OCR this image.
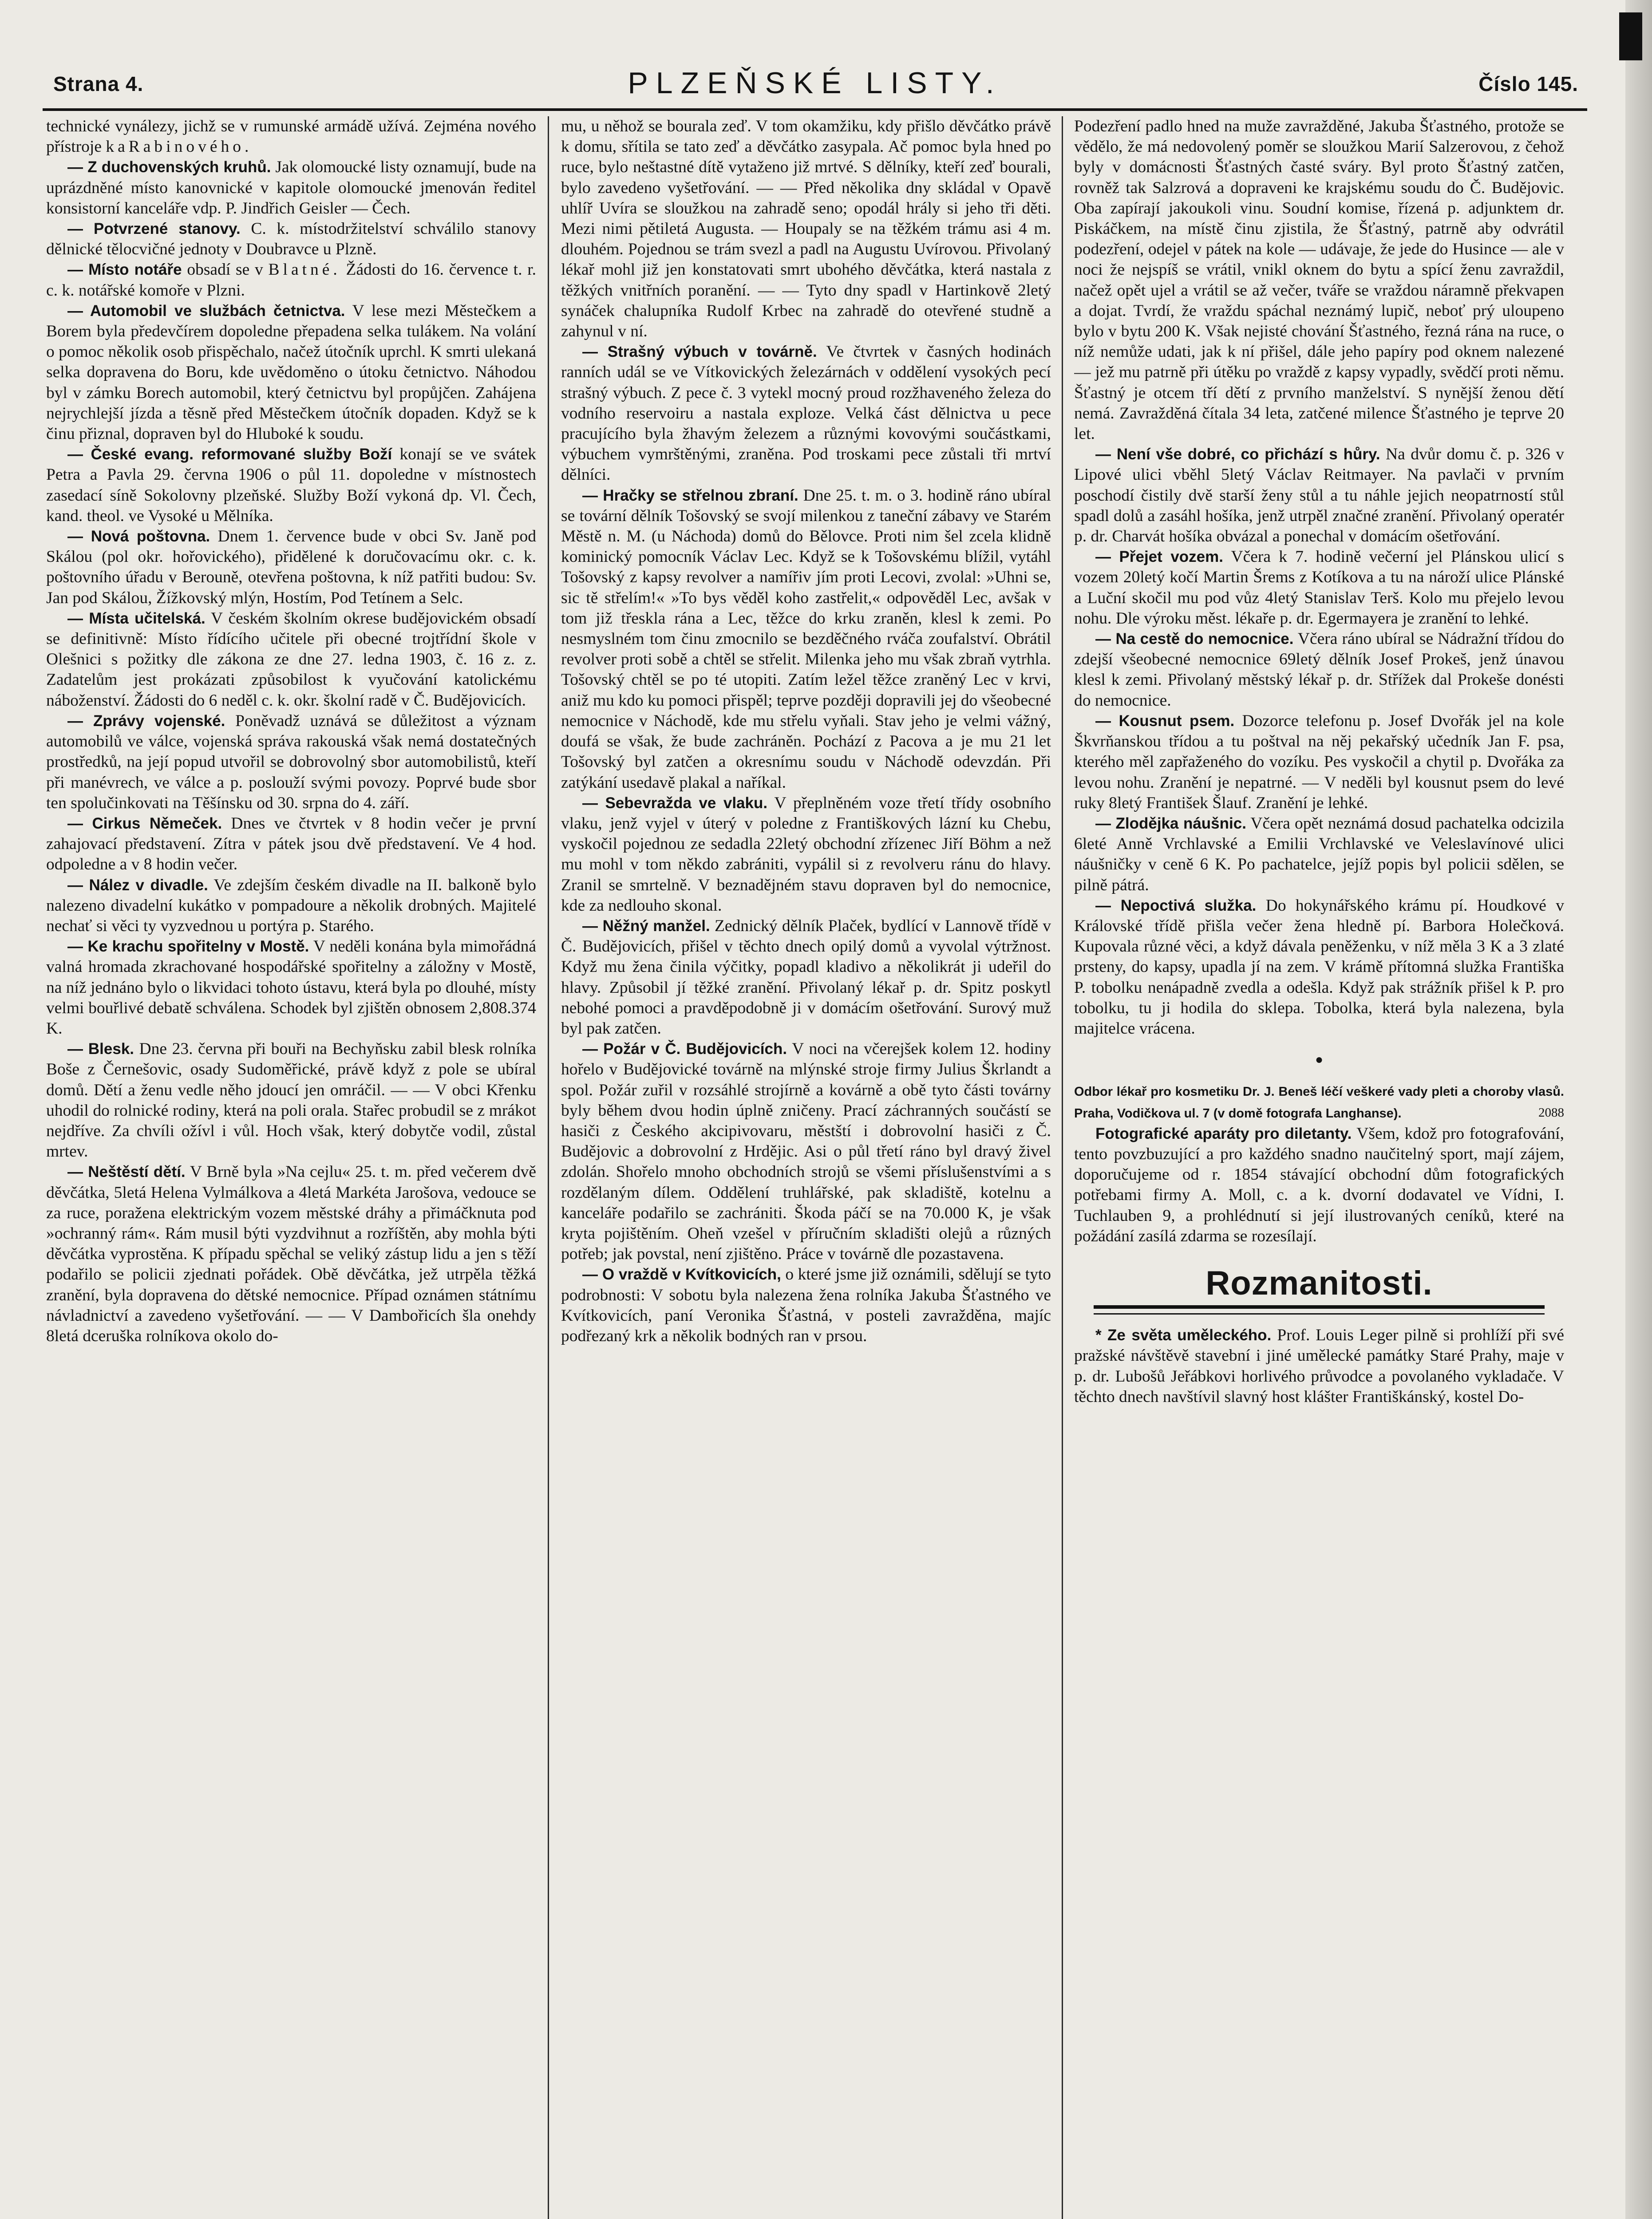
Strana 4.	PLZEŇSKÉ LISTY.	Číslo 145.

technické vynálezy, jichž se v rumunské armádě užívá. Zejména nového přístroje kaRabinového.

— Z duchovenských kruhů. Jak olomoucké listy oznamují, bude na uprázdněné místo kanovnické v kapitole olomoucké jmenován ředitel konsistorní kanceláře vdp. P. Jindřich Geisler — Čech.

— Potvrzené stanovy. C. k. místodržitelství schválilo stanovy dělnické tělocvičné jednoty v Doubravce u Plzně.

— Místo notáře obsadí se v Blatné. Žádosti do 16. července t. r. c. k. notářské komoře v Plzni.

— Automobil ve službách četnictva. V lese mezi Městečkem a Borem byla předevčírem dopoledne přepadena selka tulákem. Na volání o pomoc několik osob přispěchalo, načež útočník uprchl. K smrti ulekaná selka dopravena do Boru, kde uvědoměno o útoku četnictvo. Náhodou byl v zámku Borech automobil, který četnictvu byl propůjčen. Zahájena nejrychlejší jízda a těsně před Městečkem útočník dopaden. Když se k činu přiznal, dopraven byl do Hluboké k soudu.

— České evang. reformované služby Boží konají se ve svátek Petra a Pavla 29. června 1906 o půl 11. dopoledne v místnostech zasedací síně Sokolovny plzeňské. Služby Boží vykoná dp. Vl. Čech, kand. theol. ve Vysoké u Mělníka.

— Nová poštovna. Dnem 1. července bude v obci Sv. Janě pod Skálou (pol okr. hořovického), přidělené k doručovacímu okr. c. k. poštovního úřadu v Berouně, otevřena poštovna, k níž patřiti budou: Sv. Jan pod Skálou, Žížkovský mlýn, Hostím, Pod Tetínem a Selc.

— Místa učitelská. V českém školním okrese budějovickém obsadí se definitivně: Místo řídícího učitele při obecné trojtřídní škole v Olešnici s požitky dle zákona ze dne 27. ledna 1903, č. 16 z. z. Zadatelům jest prokázati způsobilost k vyučování katolickému náboženství. Žádosti do 6 neděl c. k. okr. školní radě v Č. Budějovicích.

— Zprávy vojenské. Poněvadž uznává se důležitost a význam automobilů ve válce, vojenská správa rakouská však nemá dostatečných prostředků, na její popud utvořil se dobrovolný sbor automobilistů, kteří při manévrech, ve válce a p. poslouží svými povozy. Poprvé bude sbor ten spolučinkovati na Těšínsku od 30. srpna do 4. září.

— Cirkus Němeček. Dnes ve čtvrtek v 8 hodin večer je první zahajovací představení. Zítra v pátek jsou dvě představení. Ve 4 hod. odpoledne a v 8 hodin večer.

— Nález v divadle. Ve zdejším českém divadle na II. balkoně bylo nalezeno divadelní kukátko v pompadoure a několik drobných. Majitelé nechať si věci ty vyzvednou u portýra p. Starého.

— Ke krachu spořitelny v Mostě. V neděli konána byla mimořádná valná hromada zkrachované hospodářské spořitelny a záložny v Mostě, na níž jednáno bylo o likvidaci tohoto ústavu, která byla po dlouhé, místy velmi bouřlivé debatě schválena. Schodek byl zjištěn obnosem 2,808.374 K.

— Blesk. Dne 23. června při bouři na Bechyňsku zabil blesk rolníka Boše z Černešovic, osady Sudoměřické, právě když z pole se ubíral domů. Dětí a ženu vedle něho jdoucí jen omráčil. — — V obci Křenku uhodil do rolnické rodiny, která na poli orala. Stařec probudil se z mrákot nejdříve. Za chvíli ožívl i vůl. Hoch však, který dobytče vodil, zůstal mrtev.

— Neštěstí dětí. V Brně byla »Na cejlu« 25. t. m. před večerem dvě děvčátka, 5letá Helena Vylmálkova a 4letá Markéta Jarošova, vedouce se za ruce, poražena elektrickým vozem městské dráhy a přimáčknuta pod »ochranný rám«. Rám musil býti vyzdvihnut a rozříštěn, aby mohla býti děvčátka vyprostěna. K případu spěchal se veliký zástup lidu a jen s těží podařilo se policii zjednati pořádek. Obě děvčátka, jež utrpěla těžká zranění, byla dopravena do dětské nemocnice. Případ oznámen státnímu návladnictví a zavedeno vyšetřování. — — V Dambořicích šla onehdy 8letá dceruška rolníkova okolo do-

mu, u něhož se bourala zeď. V tom okamžiku, kdy přišlo děvčátko právě k domu, sřítila se tato zeď a děvčátko zasypala. Ač pomoc byla hned po ruce, bylo neštastné dítě vytaženo již mrtvé. S dělníky, kteří zeď bourali, bylo zavedeno vyšetřování. — — Před několika dny skládal v Opavě uhlíř Uvíra se sloužkou na zahradě seno; opodál hrály si jeho tři děti. Mezi nimi pětiletá Augusta. — Houpaly se na těžkém trámu asi 4 m. dlouhém. Pojednou se trám svezl a padl na Augustu Uvírovou. Přivolaný lékař mohl již jen konstatovati smrt ubohého děvčátka, která nastala z těžkých vnitřních poranění. — — Tyto dny spadl v Hartinkově 2letý synáček chalupníka Rudolf Krbec na zahradě do otevřené studně a zahynul v ní.

— Strašný výbuch v továrně. Ve čtvrtek v časných hodinách ranních udál se ve Vítkovických železárnách v oddělení vysokých pecí strašný výbuch. Z pece č. 3 vytekl mocný proud rozžhaveného železa do vodního reservoiru a nastala exploze. Velká část dělnictva u pece pracujícího byla žhavým železem a různými kovovými součástkami, výbuchem vymrštěnými, zraněna. Pod troskami pece zůstali tři mrtví dělníci.

— Hračky se střelnou zbraní. Dne 25. t. m. o 3. hodině ráno ubíral se tovární dělník Tošovský se svojí milenkou z taneční zábavy ve Starém Městě n. M. (u Náchoda) domů do Bělovce. Proti nim šel zcela klidně kominický pomocník Václav Lec. Když se k Tošovskému blížil, vytáhl Tošovský z kapsy revolver a namířiv jím proti Lecovi, zvolal: »Uhni se, sic tě střelím!« »To bys věděl koho zastřelit,« odpověděl Lec, avšak v tom již třeskla rána a Lec, těžce do krku zraněn, klesl k zemi. Po nesmyslném tom činu zmocnilo se bezděčného rváča zoufalství. Obrátil revolver proti sobě a chtěl se střelit. Milenka jeho mu však zbraň vytrhla. Tošovský chtěl se po té utopiti. Zatím ležel těžce zraněný Lec v krvi, aniž mu kdo ku pomoci přispěl; teprve později dopravili jej do všeobecné nemocnice v Náchodě, kde mu střelu vyňali. Stav jeho je velmi vážný, doufá se však, že bude zachráněn. Pochází z Pacova a je mu 21 let Tošovský byl zatčen a okresnímu soudu v Náchodě odevzdán. Při zatýkání usedavě plakal a naříkal.

— Sebevražda ve vlaku. V přeplněném voze třetí třídy osobního vlaku, jenž vyjel v úterý v poledne z Františkových lázní ku Chebu, vyskočil pojednou ze sedadla 22letý obchodní zřízenec Jiří Böhm a než mu mohl v tom někdo zabrániti, vypálil si z revolveru ránu do hlavy. Zranil se smrtelně. V beznadějném stavu dopraven byl do nemocnice, kde za nedlouho skonal.

— Něžný manžel. Zednický dělník Plaček, bydlící v Lannově třídě v Č. Budějovicích, přišel v těchto dnech opilý domů a vyvolal výtržnost. Když mu žena činila výčitky, popadl kladivo a několikrát ji udeřil do hlavy. Způsobil jí těžké zranění. Přivolaný lékař p. dr. Spitz poskytl nebohé pomoci a pravděpodobně ji v domácím ošetřování. Surový muž byl pak zatčen.

— Požár v Č. Budějovicích. V noci na včerejšek kolem 12. hodiny hořelo v Budějovické továrně na mlýnské stroje firmy Julius Škrlandt a spol. Požár zuřil v rozsáhlé strojírně a kovárně a obě tyto části továrny byly během dvou hodin úplně zničeny. Prací záchranných součástí se hasiči z Českého akcipivovaru, městští i dobrovolní hasiči z Č. Budějovic a dobrovolní z Hrdějic. Asi o půl třetí ráno byl dravý živel zdolán. Shořelo mnoho obchodních strojů se všemi příslušenstvími a s rozdělaným dílem. Oddělení truhlářské, pak skladiště, kotelnu a kanceláře podařilo se zachrániti. Škoda páčí se na 70.000 K, je však kryta pojištěním. Oheň vzešel v příručním skladišti olejů a různých potřeb; jak povstal, není zjištěno. Práce v továrně dle pozastavena.

— O vraždě v Kvítkovicích, o které jsme již oznámili, sdělují se tyto podrobnosti: V sobotu byla nalezena žena rolníka Jakuba Šťastného ve Kvítkovicích, paní Veronika Šťastná, v posteli zavražděna, majíc podřezaný krk a několik bodných ran v prsou.

Podezření padlo hned na muže zavražděné, Jakuba Šťastného, protože se vědělo, že má nedovolený poměr se sloužkou Marií Salzerovou, z čehož byly v domácnosti Šťastných časté sváry. Byl proto Šťastný zatčen, rovněž tak Salzrová a dopraveni ke krajskému soudu do Č. Budějovic. Oba zapírají jakoukoli vinu. Soudní komise, řízená p. adjunktem dr. Piskáčkem, na místě činu zjistila, že Šťastný, patrně aby odvrátil podezření, odejel v pátek na kole — udávaje, že jede do Husince — ale v noci že nejspíš se vrátil, vnikl oknem do bytu a spící ženu zavraždil, načež opět ujel a vrátil se až večer, tváře se vraždou náramně překvapen a dojat. Tvrdí, že vraždu spáchal neznámý lupič, neboť prý uloupeno bylo v bytu 200 K. Však nejisté chování Šťastného, řezná rána na ruce, o níž nemůže udati, jak k ní přišel, dále jeho papíry pod oknem nalezené — jež mu patrně při útěku po vraždě z kapsy vypadly, svědčí proti němu. Šťastný je otcem tří dětí z prvního manželství. S nynější ženou dětí nemá. Zavražděná čítala 34 leta, zatčené milence Šťastného je teprve 20 let.

— Není vše dobré, co přichází s hůry. Na dvůr domu č. p. 326 v Lipové ulici vběhl 5letý Václav Reitmayer. Na pavlači v prvním poschodí čistily dvě starší ženy stůl a tu náhle jejich neopatrností stůl spadl dolů a zasáhl hošíka, jenž utrpěl značné zranění. Přivolaný operatér p. dr. Charvát hošíka obvázal a ponechal v domácím ošetřování.

— Přejet vozem. Včera k 7. hodině večerní jel Plánskou ulicí s vozem 20letý kočí Martin Šrems z Kotíkova a tu na nároží ulice Plánské a Luční skočil mu pod vůz 4letý Stanislav Terš. Kolo mu přejelo levou nohu. Dle výroku měst. lékaře p. dr. Egermayera je zranění to lehké.

— Na cestě do nemocnice. Včera ráno ubíral se Nádražní třídou do zdejší všeobecné nemocnice 69letý dělník Josef Prokeš, jenž únavou klesl k zemi. Přivolaný městský lékař p. dr. Střížek dal Prokeše donésti do nemocnice.

— Kousnut psem. Dozorce telefonu p. Josef Dvořák jel na kole Škvrňanskou třídou a tu poštval na něj pekařský učedník Jan F. psa, kterého měl zapřaženého do vozíku. Pes vyskočil a chytil p. Dvořáka za levou nohu. Zranění je nepatrné. — V neděli byl kousnut psem do levé ruky 8letý František Šlauf. Zranění je lehké.

— Zlodějka náušnic. Včera opět neznámá dosud pachatelka odcizila 6leté Anně Vrchlavské a Emilii Vrchlavské ve Veleslavínové ulici náušničky v ceně 6 K. Po pachatelce, jejíž popis byl policii sdělen, se pilně pátrá.

— Nepoctivá služka. Do hokynářského krámu pí. Houdkové v Královské třídě přišla večer žena hledně pí. Barbora Holečková. Kupovala různé věci, a když dávala peněženku, v níž měla 3 K a 3 zlaté prsteny, do kapsy, upadla jí na zem. V krámě přítomná služka Františka P. tobolku nenápadně zvedla a odešla. Když pak strážník přišel k P. pro tobolku, tu ji hodila do sklepa. Tobolka, která byla nalezena, byla majitelce vrácena.

●
Odbor lékař pro kosmetiku Dr. J. Beneš léčí veškeré vady pleti a choroby vlasů. Praha, Vodičkova ul. 7 (v domě fotografa Langhanse).	2088

Fotografické aparáty pro diletanty. Všem, kdož pro fotografování, tento povzbuzující a pro každého snadno naučitelný sport, mají zájem, doporučujeme od r. 1854 stávající obchodní dům fotografických potřebami firmy A. Moll, c. a k. dvorní dodavatel ve Vídni, I. Tuchlauben 9, a prohlédnutí si její ilustrovaných ceníků, které na požádání zasílá zdarma se rozesílají.

Rozmanitosti.

* Ze světa uměleckého. Prof. Louis Leger pilně si prohlíží při své pražské návštěvě stavební i jiné umělecké památky Staré Prahy, maje v p. dr. Lubošů Jeřábkovi horlivého průvodce a povolaného vykladače. V těchto dnech navštívil slavný host klášter Františkánský, kostel Do-
